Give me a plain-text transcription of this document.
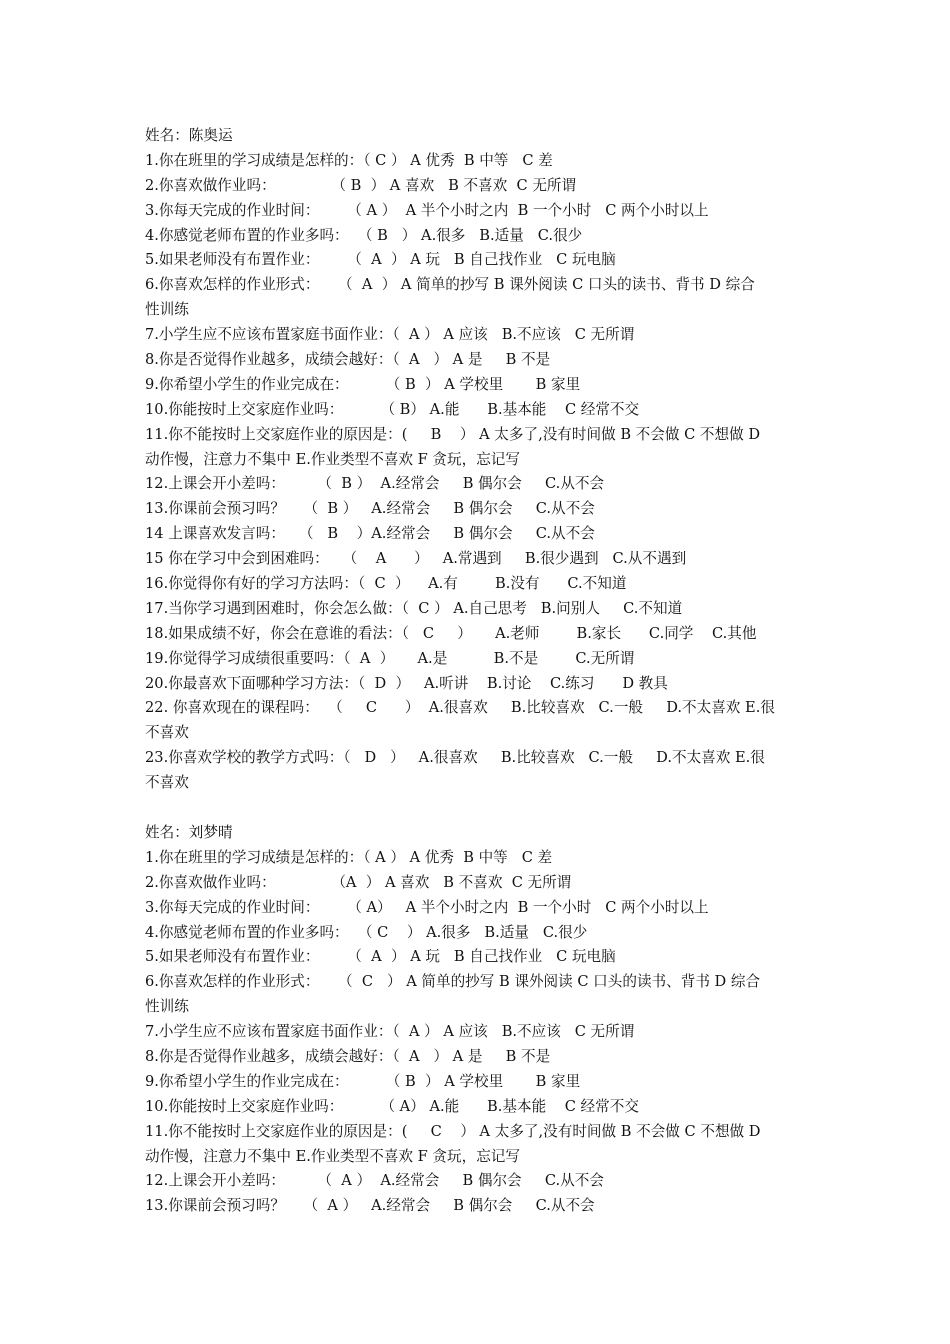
姓名：陈奥运

1.你在班里的学习成绩是怎样的：（ C ） A 优秀  B 中等   C 差

2.你喜欢做作业吗：            （ B  ） A 喜欢   B 不喜欢  C 无所谓

3.你每天完成的作业时间：      （ A ）  A 半个小时之内  B 一个小时   C 两个小时以上

4.你感觉老师布置的作业多吗：  （ B   ） A.很多   B.适量   C.很少

5.如果老师没有布置作业：      （  A  ） A 玩   B 自己找作业   C 玩电脑

6.你喜欢怎样的作业形式：    （  A  ） A 简单的抄写 B 课外阅读 C 口头的读书、背书 D 综合

性训练

7.小学生应不应该布置家庭书面作业：（  A ） A 应该   B.不应该   C 无所谓

8.你是否觉得作业越多，成绩会越好：（  A   ） A 是     B 不是

9.你希望小学生的作业完成在：        （ B  ） A 学校里       B 家里

10.你能按时上交家庭作业吗：        （ B） A.能      B.基本能    C 经常不交

11.你不能按时上交家庭作业的原因是：(     B    ） A 太多了,没有时间做 B 不会做 C 不想做 D

动作慢，注意力不集中 E.作业类型不喜欢 F 贪玩，忘记写

12.上课会开小差吗：       （  B ）  A.经常会     B 偶尔会     C.从不会

13.你课前会预习吗？    （  B ）   A.经常会     B 偶尔会     C.从不会

14 上课喜欢发言吗：   （   B    ）A.经常会     B 偶尔会     C.从不会

15 你在学习中会到困难吗：   （    A      ）   A.常遇到     B.很少遇到   C.从不遇到

16.你觉得你有好的学习方法吗：（  C  ）    A.有        B.没有      C.不知道

17.当你学习遇到困难时，你会怎么做：（  C ） A.自己思考   B.问别人     C.不知道

18.如果成绩不好，你会在意谁的看法：（   C     ）     A.老师        B.家长      C.同学    C.其他

19.你觉得学习成绩很重要吗：（  A  ）     A.是          B.不是        C.无所谓

20.你最喜欢下面哪种学习方法：（  D  ）   A.听讲    B.讨论    C.练习      D 教具

22. 你喜欢现在的课程吗：  （     C      ）  A.很喜欢     B.比较喜欢   C.一般     D.不太喜欢 E.很

不喜欢

23.你喜欢学校的教学方式吗：（   D   ）   A.很喜欢     B.比较喜欢   C.一般     D.不太喜欢 E.很

不喜欢

姓名：刘梦晴

1.你在班里的学习成绩是怎样的：（ A ） A 优秀  B 中等   C 差

2.你喜欢做作业吗：            （A  ） A 喜欢   B 不喜欢  C 无所谓

3.你每天完成的作业时间：      （ A）   A 半个小时之内  B 一个小时   C 两个小时以上

4.你感觉老师布置的作业多吗：  （ C    ） A.很多   B.适量   C.很少

5.如果老师没有布置作业：      （  A  ） A 玩   B 自己找作业   C 玩电脑

6.你喜欢怎样的作业形式：    （  C   ） A 简单的抄写 B 课外阅读 C 口头的读书、背书 D 综合

性训练

7.小学生应不应该布置家庭书面作业：（  A ） A 应该   B.不应该   C 无所谓

8.你是否觉得作业越多，成绩会越好：（  A   ） A 是     B 不是

9.你希望小学生的作业完成在：        （ B  ） A 学校里       B 家里

10.你能按时上交家庭作业吗：        （ A） A.能      B.基本能    C 经常不交

11.你不能按时上交家庭作业的原因是：(     C    ） A 太多了,没有时间做 B 不会做 C 不想做 D

动作慢，注意力不集中 E.作业类型不喜欢 F 贪玩，忘记写

12.上课会开小差吗：       （  A ）  A.经常会     B 偶尔会     C.从不会

13.你课前会预习吗？    （  A ）   A.经常会     B 偶尔会     C.从不会
